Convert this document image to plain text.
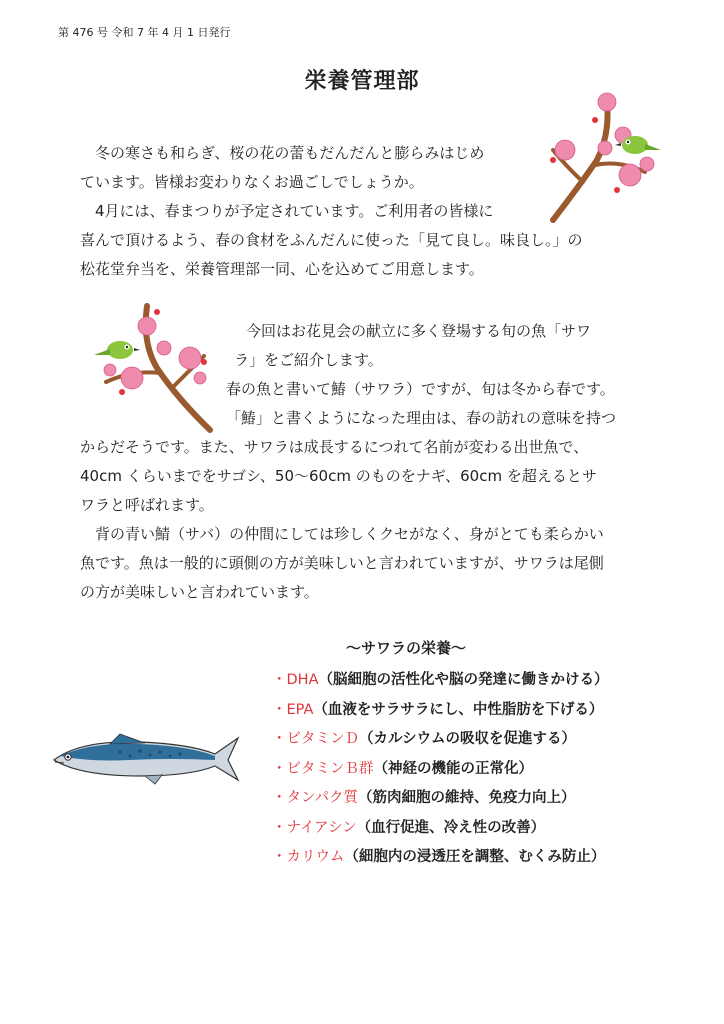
第 476 号 令和 7 年 4 月 1 日発行
栄養管理部
　冬の寒さも和らぎ、桜の花の蕾もだんだんと膨らみはじめ
ています。皆様お変わりなくお過ごしでしょうか。
　4月には、春まつりが予定されています。ご利用者の皆様に
喜んで頂けるよう、春の食材をふんだんに使った「見て良し。味良し。」の
松花堂弁当を、栄養管理部一同、心を込めてご用意します。
今回はお花見会の献立に多く登場する旬の魚「サワ
ラ」をご紹介します。
春の魚と書いて鰆（サワラ）ですが、旬は冬から春です。
「鰆」と書くようになった理由は、春の訪れの意味を持つ
からだそうです。また、サワラは成長するにつれて名前が変わる出世魚で、
40cm くらいまでをサゴシ、50～60cm のものをナギ、60cm を超えるとサ
ワラと呼ばれます。
　背の青い鯖（サバ）の仲間にしては珍しくクセがなく、身がとても柔らかい
魚です。魚は一般的に頭側の方が美味しいと言われていますが、サワラは尾側
の方が美味しいと言われています。
～サワラの栄養～
・DHA（脳細胞の活性化や脳の発達に働きかける）
・EPA（血液をサラサラにし、中性脂肪を下げる）
・ビタミンＤ（カルシウムの吸収を促進する）
・ビタミンＢ群（神経の機能の正常化）
・タンパク質（筋肉細胞の維持、免疫力向上）
・ナイアシン（血行促進、冷え性の改善）
・カリウム（細胞内の浸透圧を調整、むくみ防止）
